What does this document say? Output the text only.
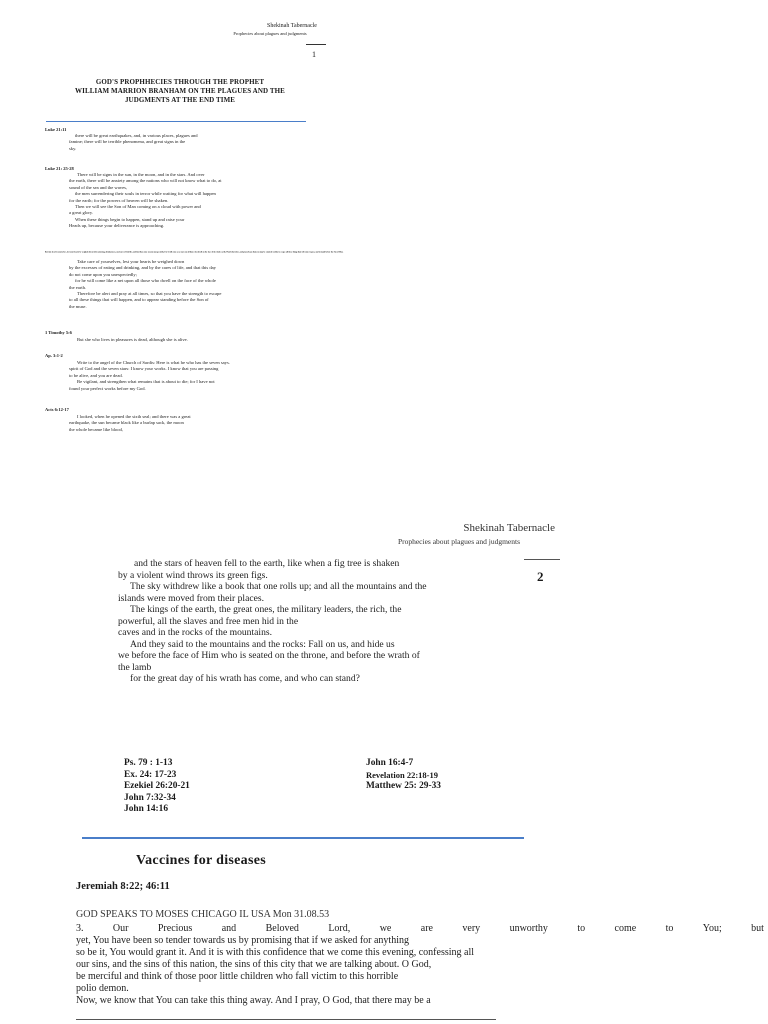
Shekinah Tabernacle
Prophecies about plagues and judgments
1
GOD'S PROPHHECIES THROUGH THE PROPHET
WILLIAM MARRION BRANHAM ON THE PLAGUES AND THE
JUDGMENTS AT THE END TIME
Luke 21:11
there will be great earthquakes, and, in various places, plagues and
famine; there will be terrible phenomena, and great signs in the
sky.
Luke 21: 25-28
There will be signs in the sun, in the moon, and in the stars. And over
the earth, there will be anxiety among the nations who will not know what to do, at
sound of the sea and the waves,
the men surrendering their souls in terror while waiting for what will happen
for the earth; for the powers of heaven will be shaken.
Then we will see the Son of Man coming on a cloud with power and
a great glory.
When these things begin to happen, stand up and raise your
Heads up, because your deliverance is approaching.
But take heed to yourselves, lest your hearts be weighed down with carousing, drunkenness, and cares of this life, and that Day come on you unexpectedly. For it will come as a snare on all those who dwell on the face of the whole earth. Watch therefore, and pray always that you may be counted worthy to escape all these things that will come to pass, and to stand before the Son of Man.
Take care of yourselves, lest your hearts be weighed down
by the excesses of eating and drinking, and by the cares of life, and that this day
do not come upon you unexpectedly;
for he will come like a net upon all those who dwell on the face of the whole
the earth.
Therefore be alert and pray at all times, so that you have the strength to escape
to all these things that will happen, and to appear standing before the Son of
the muse.
1 Timothy 5:6
But she who lives in pleasures is dead, although she is alive.
Ap. 3:1-2
Write to the angel of the Church of Sardis: Here is what he who has the seven says.
spirit of God and the seven stars: I know your works. I know that you are passing
to be alive, and you are dead.
Be vigilant, and strengthen what remains that is about to die; for I have not
found your perfect works before my God.
Acts 6:12-17
I looked, when he opened the sixth seal; and there was a great
earthquake, the sun became black like a burlap sack, the moon
the whole became like blood,
Shekinah Tabernacle
Prophecies about plagues and judgments
2
and the stars of heaven fell to the earth, like when a fig tree is shaken
by a violent wind throws its green figs.
The sky withdrew like a book that one rolls up; and all the mountains and the
islands were moved from their places.
The kings of the earth, the great ones, the military leaders, the rich, the
powerful, all the slaves and free men hid in the
caves and in the rocks of the mountains.
And they said to the mountains and the rocks: Fall on us, and hide us
we before the face of Him who is seated on the throne, and before the wrath of
the lamb
for the great day of his wrath has come, and who can stand?
Ps. 79 : 1-13
Ex. 24: 17-23
Ezekiel 26:20-21
John 7:32-34
John 14:16
John 16:4-7
Revelation 22:18-19
Matthew 25: 29-33
Vaccines for diseases
Jeremiah 8:22; 46:11
GOD SPEAKS TO MOSES CHICAGO IL USA Mon 31.08.53
3.	Our	Precious	and	Beloved	Lord,	we	are	very	unworthy	to	come	to	You;	but
yet, You have been so tender towards us by promising that if we asked for anything
so be it, You would grant it. And it is with this confidence that we come this evening, confessing all
our sins, and the sins of this nation, the sins of this city that we are talking about. O God,
be merciful and think of those poor little children who fall victim to this horrible
polio demon.
Now, we know that You can take this thing away. And I pray, O God, that there may be a
